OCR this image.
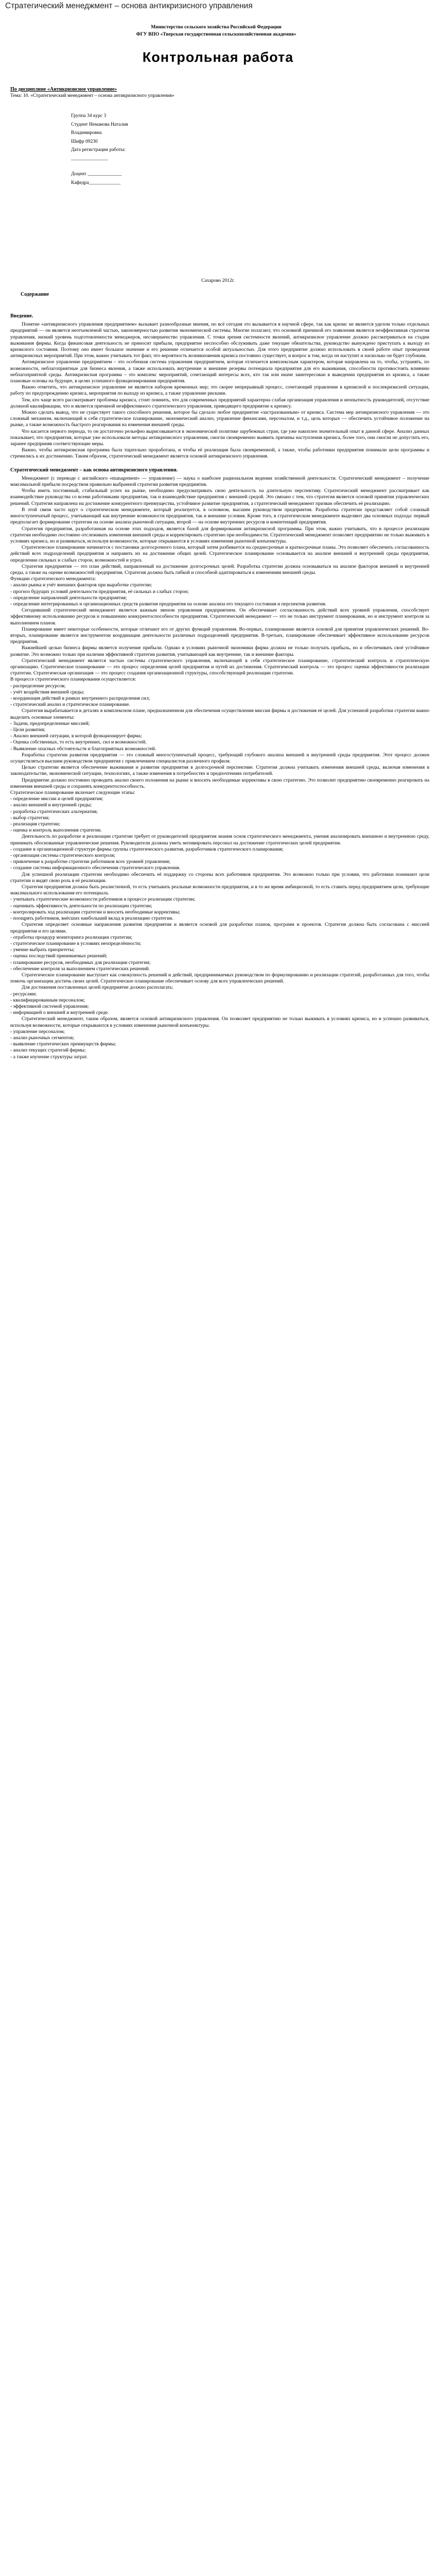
Стратегический менеджмент – основа антикризисного управления
Министерство сельского хозяйства Российской Федерации
ФГУ ВПО «Тверская государственная сельскохозяйственная академия»
Контрольная работа
По дисциплине «Антикризисное управление»
Тема: 10. «Стратегический менеджмент – основа антикризисного управления»
Группа 34 курс 3
Студент Неманова Наталия
Владимировна
Шифр 09230
Дата регистрации работы:
_______________
Доцент ______________
Кафедра_____________
Сахарово 2012г.
Содержание
Введение.

Понятие «антикризисного управления предприятием» вызывает разнообразные мнения, но всё сегодня это вызывается в научной сфере, так как кризис не является уделом только отдельных предприятий — он является неотъемлемой частью, закономерностью развития экономической системы. Многие полагают, что основной причиной его появления является неэффективная стратегия управления, низкий уровень подготовленности менеджеров, несовершенство управления. С точки зрения системности явлений, антикризисное управление должно рассматриваться на стадии выживания фирмы. Когда финансовая деятельность не приносит прибыли, предприятие неспособно обслуживать даже текущие обязательства, руководство вынуждено приступать к выходу из кризисного состояния. Поэтому оно имеет большое значение и его решение отличается особой актуальностью. Для этого предприятие должно использовать в своей работе опыт проведения антикризисных мероприятий. При этом, важно учитывать тот факт, что вероятность возникновения кризиса постоянно существует, и вопрос в том, когда он наступит и насколько он будет глубоким.

Антикризисное управление предприятием – это особенная система управления предприятием, которая отличается комплексным характером, которая направлена на то, чтобы, устранять, по возможности, неблагоприятные для бизнеса явления, а также использовать внутренние и внешние резервы потенциала предприятия для его выживания, способности противостоять влиянию неблагоприятной среды. Антикризисная программа – это комплекс мероприятий, сочетающий интересы всех, кто так или иначе заинтересован в выведении предприятия из кризиса, а также плановые основы на будущее, в целях успешного функционирования предприятия.

Важно отметить, что антикризисное управление не является набором временных мер; это скорее непрерывный процесс, сочетающий управление в кризисной и послекризисной ситуации, работу по предупреждению кризиса, мероприятия по выходу из кризиса, а также управление рисками.

Тем, кто чаще всего рассматривает проблемы кризиса, стоит помнить, что для современных предприятий характерна слабая организация управления и неопытность руководителей, отсутствие должной квалификации, что и является причиной неэффективного стратегического управления, приводящего предприятие к кризису.

Можно сделать вывод, что не существует такого способного решения, которое бы сделало любое предприятие «застрахованным» от кризиса. Система мер антикризисного управления — это сложный механизм, включающий в себя стратегическое планирование, экономический анализ, управление финансами, персоналом, и т.д., цель которых — обеспечить устойчивое положение на рынке, а также возможность быстрого реагирования на изменения внешней среды.

Что касается первого периода, то он достаточно рельефно вырисовывается в экономической политике зарубежных стран, где уже накоплен значительный опыт в данной сфере. Анализ данных показывает, что предприятия, которые уже использовали методы антикризисного управления, смогли своевременно выявить причины наступления кризиса, более того, они смогли не допустить его, заранее предприняв соответствующие меры.

Важно, чтобы антикризисная программа была тщательно проработана, и чтобы её реализация была своевременной, а также, чтобы работники предприятия понимали цели программы и стремились к их достижению. Таким образом, стратегический менеджмент является основой антикризисного управления.

Стратегический менеджмент – как основа антикризисного управления.

Менеджмент (с переводе с английского «management» — управление) — наука о наиболее рациональном ведении хозяйственной деятельности. Стратегический менеджмент – получение максимальной прибыли посредством правильно выбранной стратегии развития предприятия.

Чтобы иметь постоянный, стабильный успех на рынке, необходимо предусматривать свою деятельность на длительную перспективу. Стратегический менеджмент рассматривает как взаимодействие руководства со всеми работниками предприятия, так и взаимодействие предприятия с внешней средой. Это связано с тем, что стратегия является основой принятия управленческих решений. Стратегия направлена на достижение конкурентного преимущества, устойчивое развитие предприятия, а стратегический менеджмент призван обеспечить её реализацию.

В этой связи часто идут о стратегическом менеджменте, который реализуется, в основном, высшим руководством предприятия. Разработка стратегии представляет собой сложный многоступенчатый процесс, учитывающий как внутренние возможности предприятия, так и внешние условия. Кроме того, в стратегическом менеджменте выделяют два основных подхода: первый предполагает формирование стратегии на основе анализа рыночной ситуации, второй — на основе внутренних ресурсов и компетенций предприятия.

Стратегия предприятия, разработанная на основе этих подходов, является базой для формирования антикризисной программы. При этом, важно учитывать, что в процессе реализации стратегии необходимо постоянно отслеживать изменения внешней среды и корректировать стратегию при необходимости. Стратегический менеджмент позволяет предприятию не только выживать в условиях кризиса, но и развиваться, используя возможности, которые открываются в условиях изменения рыночной конъюнктуры.

Стратегическое планирование начинается с постановки долгосрочного плана, который затем разбивается на среднесрочные и краткосрочные планы. Это позволяет обеспечить согласованность действий всех подразделений предприятия и направить их на достижение общих целей. Стратегическое планирование основывается на анализе внешней и внутренней среды предприятия, определении сильных и слабых сторон, возможностей и угроз.

Стратегия предприятия — это план действий, направленный на достижение долгосрочных целей. Разработка стратегии должна основываться на анализе факторов внешней и внутренней среды, а также на оценке возможностей предприятия. Стратегия должна быть гибкой и способной адаптироваться к изменениям внешней среды.

Функции стратегического менеджмента:

- анализ рынка и учёт внешних факторов при выработке стратегии;

- прогноз будущих условий деятельности предприятия, её сильных и слабых сторон;

- определение направлений деятельности предприятия;

- определение интегрированных и организационных средств развития предприятия на основе анализа его текущего состояния и перспектив развития.

Сегодняшний стратегический менеджмент является важным звеном управления предприятием. Он обеспечивает согласованность действий всех уровней управления, способствует эффективному использованию ресурсов и повышению конкурентоспособности предприятия. Стратегический менеджмент — это не только инструмент планирования, но и инструмент контроля за выполнением планов.

Планирование имеет некоторые особенности, которые отличают его от других функций управления. Во-первых, планирование является основой для принятия управленческих решений. Во-вторых, планирование является инструментом координации деятельности различных подразделений предприятия. В-третьих, планирование обеспечивает эффективное использование ресурсов предприятия.

Важнейшей целью бизнеса фирмы является получение прибыли. Однако в условиях рыночной экономики фирма должна не только получать прибыль, но и обеспечивать своё устойчивое развитие. Это возможно только при наличии эффективной стратегии развития, учитывающей как внутренние, так и внешние факторы.

Стратегический менеджмент является частью системы стратегического управления, включающей в себя стратегическое планирование, стратегический контроль и стратегическую организацию. Стратегическое планирование — это процесс определения целей предприятия и путей их достижения. Стратегический контроль — это процесс оценки эффективности реализации стратегии. Стратегическая организация — это процесс создания организационной структуры, способствующей реализации стратегии.

В процессе стратегического планирования осуществляется:

- распределение ресурсов;

- учёт воздействия внешней среды;

- координация действий в рамках внутреннего распределения сил;

- стратегический анализ и стратегическое планирование.

Стратегия вырабатывается в деталях в комплексном плане, предназначенном для обеспечения осуществления миссии фирмы и достижения её целей. Для успешной разработки стратегии важно выделить основные элементы:

- Задачи, предопределенные миссией;

- Цели развития;

- Анализ внешней ситуации, в которой функционирует фирма;

- Оценка собственных, то есть внутренних, сил и возможностей;

- Выявление опасных обстоятельств и благоприятных возможностей.

Разработка стратегии развития предприятия — это сложный многоступенчатый процесс, требующий глубокого анализа внешней и внутренней среды предприятия. Этот процесс должен осуществляться высшим руководством предприятия с привлечением специалистов различного профиля.

Целью стратегии является обеспечение выживания и развития предприятия в долгосрочной перспективе. Стратегия должна учитывать изменения внешней среды, включая изменения в законодательстве, экономической ситуации, технологиях, а также изменения в потребностях и предпочтениях потребителей.

Предприятие должно постоянно проводить анализ своего положения на рынке и вносить необходимые коррективы в свою стратегию. Это позволит предприятию своевременно реагировать на изменения внешней среды и сохранять конкурентоспособность.

Стратегическое планирование включает следующие этапы:

- определение миссии и целей предприятия;

- анализ внешней и внутренней среды;

- разработка стратегических альтернатив;

- выбор стратегии;

- реализация стратегии;

- оценка и контроль выполнения стратегии.

Деятельность по разработке и реализации стратегии требует от руководителей предприятия знания основ стратегического менеджмента, умения анализировать внешнюю и внутреннюю среду, принимать обоснованные управленческие решения. Руководители должны уметь мотивировать персонал на достижение стратегических целей предприятия.

- создание в организационной структуре фирмы группы стратегического развития, разработчиков стратегического планирования;

- организация системы стратегического контроля;

- привлечение к разработке стратегии работников всех уровней управления;

- создание системы информационного обеспечения стратегического управления.

Для успешной реализации стратегии необходимо обеспечить её поддержку со стороны всех работников предприятия. Это возможно только при условии, что работники понимают цели стратегии и видят свою роль в её реализации.

Стратегия предприятия должна быть реалистичной, то есть учитывать реальные возможности предприятия, и в то же время амбициозной, то есть ставить перед предприятием цели, требующие максимального использования его потенциала.

- учитывать стратегические возможности работников в процессе реализации стратегии;

- оценивать эффективность деятельности по реализации стратегии;

- контролировать ход реализации стратегии и вносить необходимые коррективы;

- поощрять работников, внёсших наибольший вклад в реализацию стратегии.

Стратегия определяет основные направления развития предприятия и является основой для разработки планов, программ и проектов. Стратегия должна быть согласована с миссией предприятия и его целями.

- отработка процедур мониторинга реализации стратегии;

- стратегическое планирование в условиях неопределённости;

- умение выбрать приоритеты;

- оценка последствий принимаемых решений;

- планирование ресурсов, необходимых для реализации стратегии;

- обеспечение контроля за выполнением стратегических решений.

Стратегическое планирование выступает как совокупность решений и действий, предпринимаемых руководством по формулированию и реализации стратегий, разработанных для того, чтобы помочь организации достичь своих целей. Стратегическое планирование обеспечивает основу для всех управленческих решений.

Для достижения поставленных целей предприятие должно располагать:

- ресурсами;

- квалифицированным персоналом;

- эффективной системой управления;

- информацией о внешней и внутренней среде.

Стратегический менеджмент, таким образом, является основой антикризисного управления. Он позволяет предприятию не только выживать в условиях кризиса, но и успешно развиваться, используя возможности, которые открываются в условиях изменения рыночной конъюнктуры.

- управление персоналом;

- анализ рыночных сегментов;

- выявление стратегических преимуществ фирмы;

- анализ текущих стратегий фирмы;

- а также изучение структуры затрат.
